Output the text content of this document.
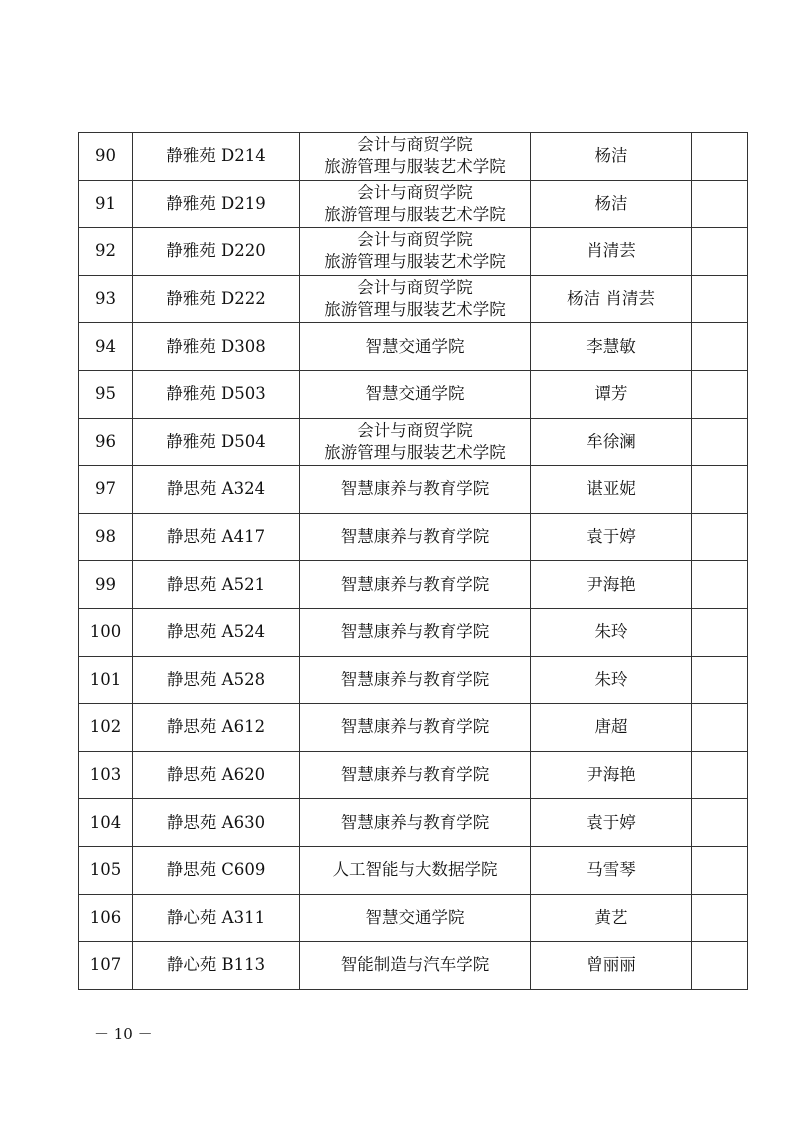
90	静雅苑 D214	会计与商贸学院
旅游管理与服装艺术学院	杨洁	
91	静雅苑 D219	会计与商贸学院
旅游管理与服装艺术学院	杨洁	
92	静雅苑 D220	会计与商贸学院
旅游管理与服装艺术学院	肖清芸	
93	静雅苑 D222	会计与商贸学院
旅游管理与服装艺术学院	杨洁 肖清芸	
94	静雅苑 D308	智慧交通学院	李慧敏	
95	静雅苑 D503	智慧交通学院	谭芳	
96	静雅苑 D504	会计与商贸学院
旅游管理与服装艺术学院	牟徐澜	
97	静思苑 A324	智慧康养与教育学院	谌亚妮	
98	静思苑 A417	智慧康养与教育学院	袁于婷	
99	静思苑 A521	智慧康养与教育学院	尹海艳	
100	静思苑 A524	智慧康养与教育学院	朱玲	
101	静思苑 A528	智慧康养与教育学院	朱玲	
102	静思苑 A612	智慧康养与教育学院	唐超	
103	静思苑 A620	智慧康养与教育学院	尹海艳	
104	静思苑 A630	智慧康养与教育学院	袁于婷	
105	静思苑 C609	人工智能与大数据学院	马雪琴	
106	静心苑 A311	智慧交通学院	黄艺	
107	静心苑 B113	智能制造与汽车学院	曾丽丽	
－ 10 －
